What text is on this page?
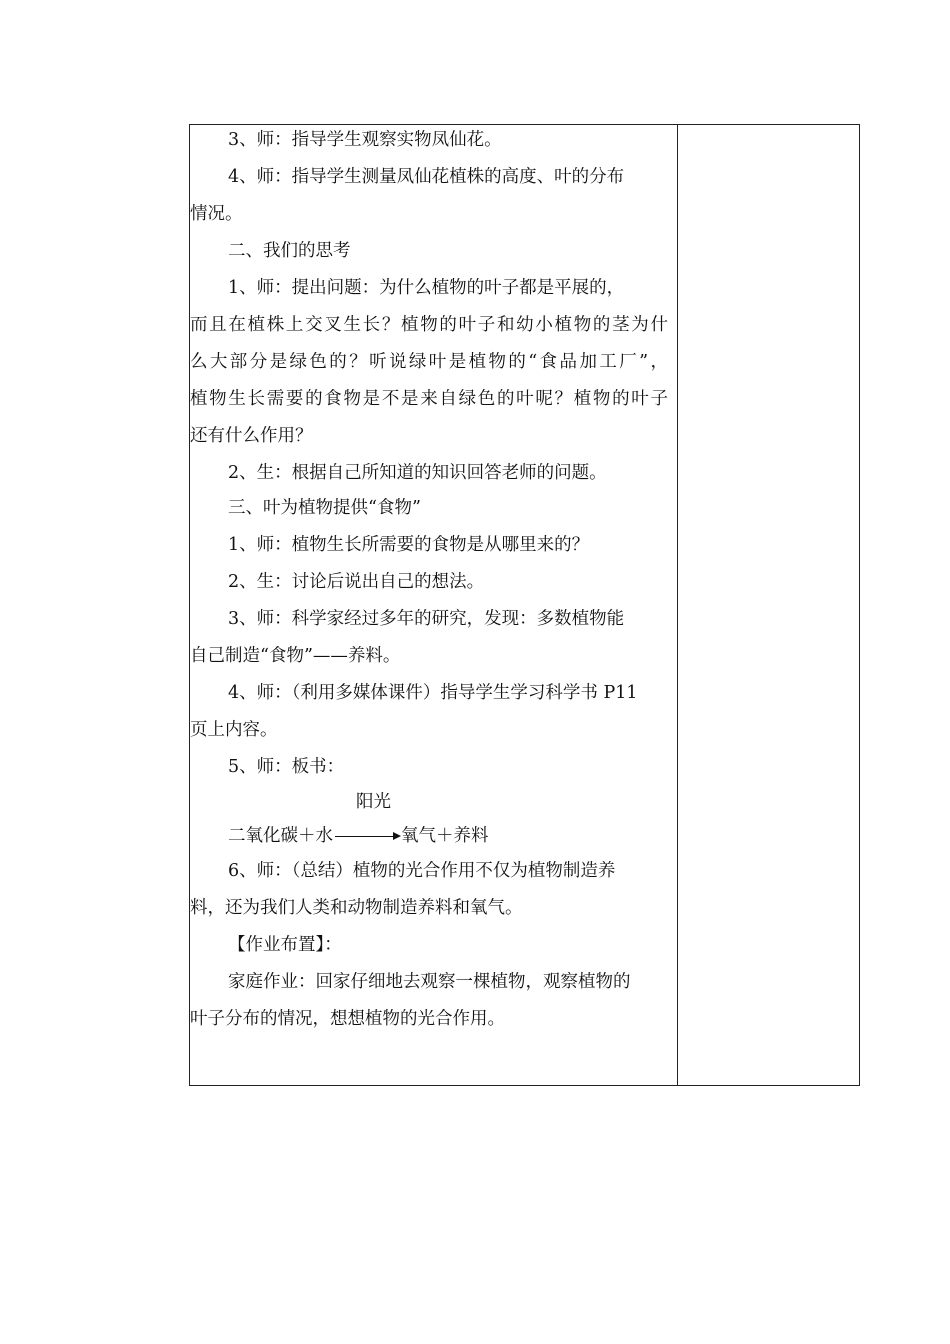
3、师：指导学生观察实物凤仙花。
4、师：指导学生测量凤仙花植株的高度、叶的分布
情况。
二、我们的思考
1、师：提出问题：为什么植物的叶子都是平展的，
而且在植株上交叉生长？植物的叶子和幼小植物的茎为什
么大部分是绿色的？听说绿叶是植物的“食品加工厂”，
植物生长需要的食物是不是来自绿色的叶呢？植物的叶子
还有什么作用？
2、生：根据自己所知道的知识回答老师的问题。
三、叶为植物提供“食物”
1、师：植物生长所需要的食物是从哪里来的？
2、生：讨论后说出自己的想法。
3、师：科学家经过多年的研究，发现：多数植物能
自己制造“食物”——养料。
4、师：（利用多媒体课件）指导学生学习科学书 P11
页上内容。
5、师：板书：
阳光
二氧化碳＋水	氧气＋养料
6、师：（总结）植物的光合作用不仅为植物制造养
料，还为我们人类和动物制造养料和氧气。
【作业布置】：
家庭作业：回家仔细地去观察一棵植物，观察植物的
叶子分布的情况，想想植物的光合作用。
